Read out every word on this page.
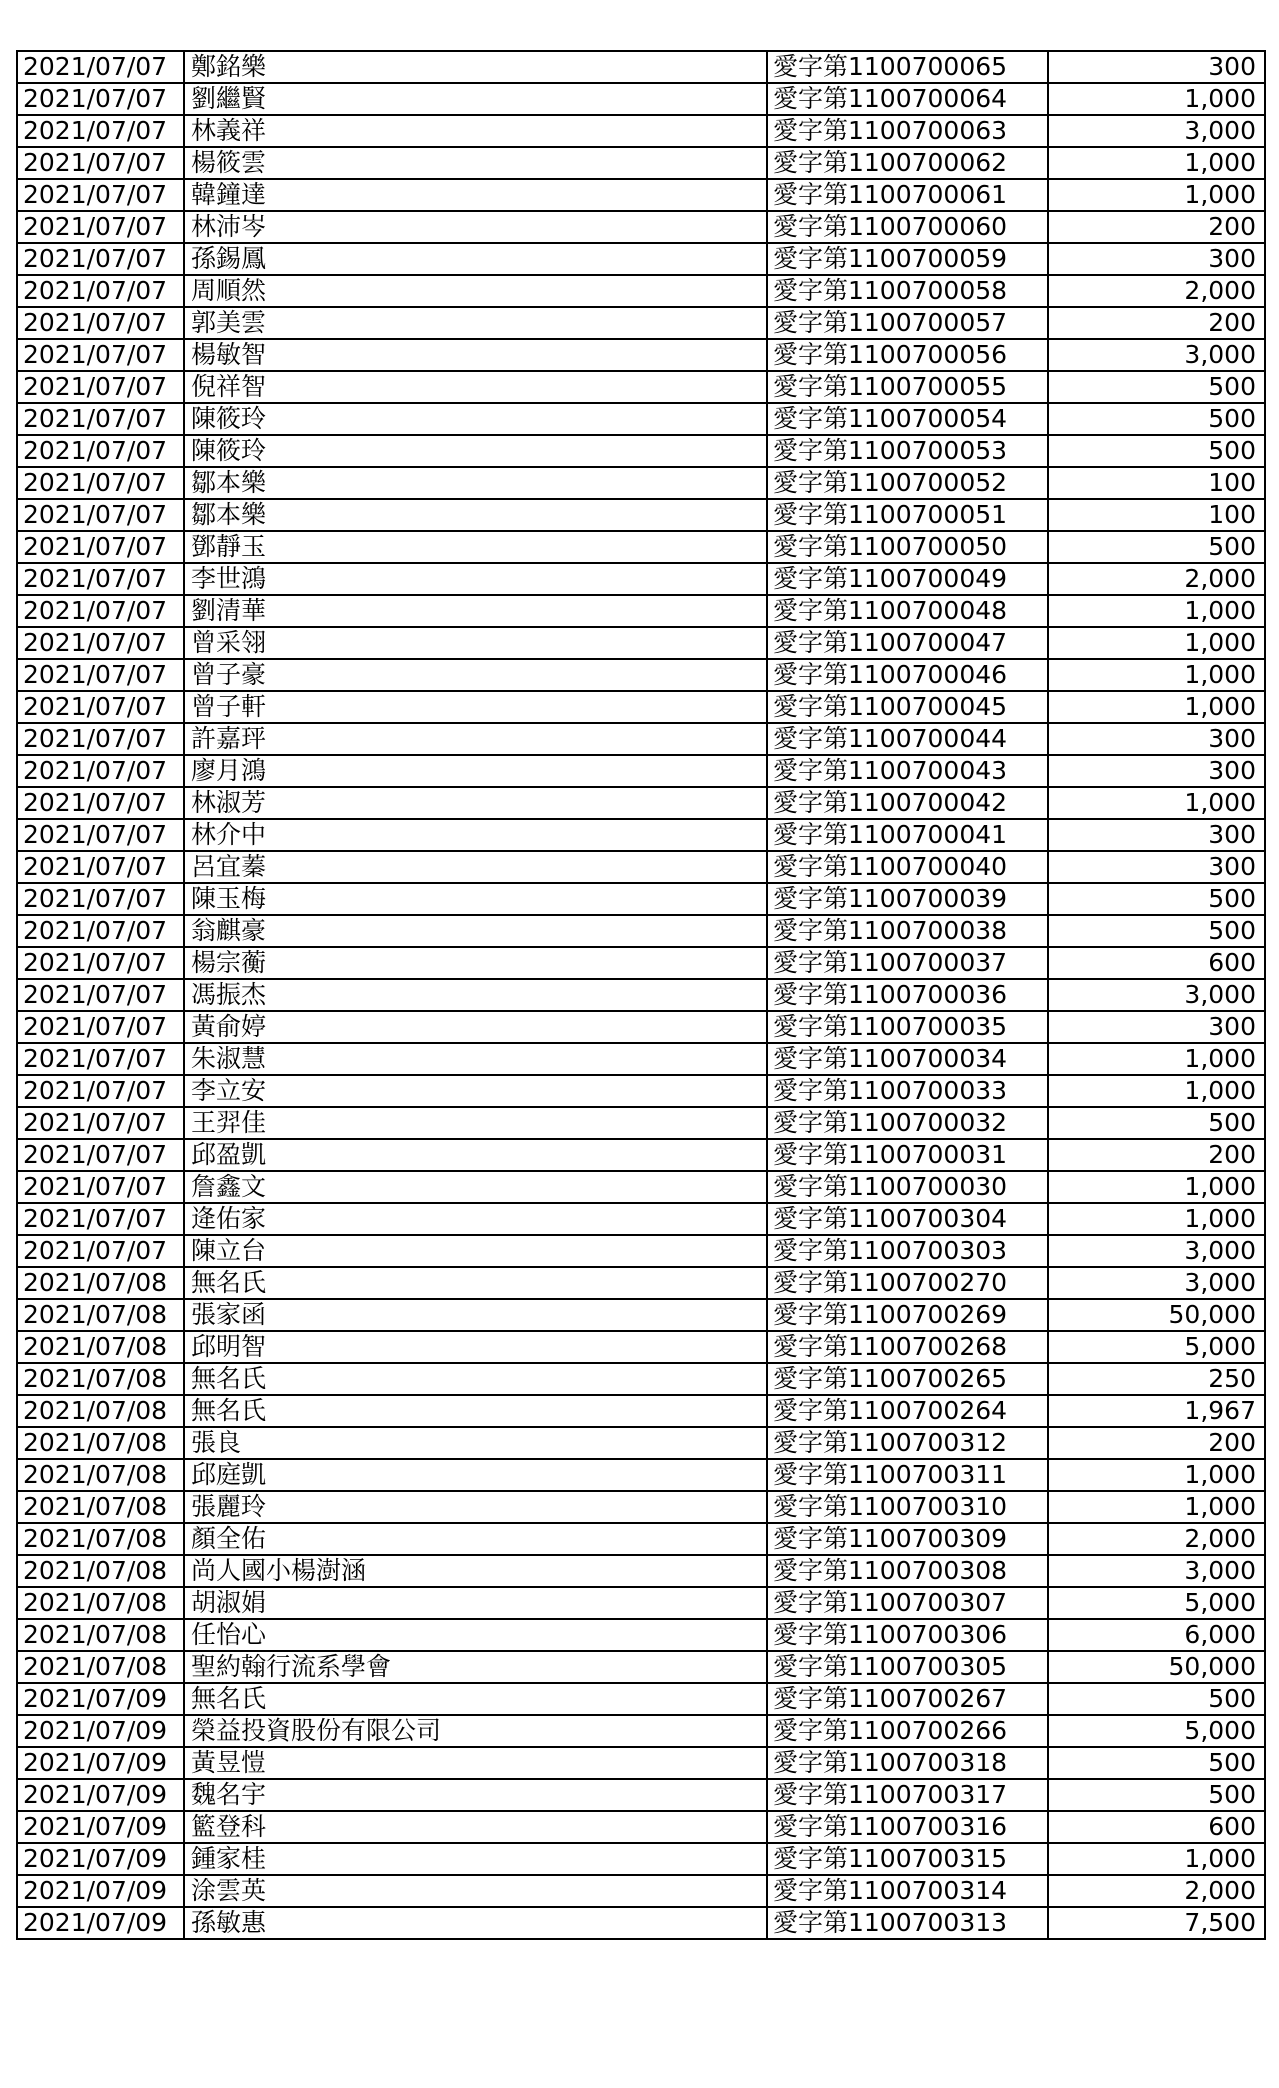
2021/07/07	鄭銘樂	愛字第1100700065	300
2021/07/07	劉繼賢	愛字第1100700064	1,000
2021/07/07	林義祥	愛字第1100700063	3,000
2021/07/07	楊筱雲	愛字第1100700062	1,000
2021/07/07	韓鐘達	愛字第1100700061	1,000
2021/07/07	林沛岑	愛字第1100700060	200
2021/07/07	孫錫鳳	愛字第1100700059	300
2021/07/07	周順然	愛字第1100700058	2,000
2021/07/07	郭美雲	愛字第1100700057	200
2021/07/07	楊敏智	愛字第1100700056	3,000
2021/07/07	倪祥智	愛字第1100700055	500
2021/07/07	陳筱玲	愛字第1100700054	500
2021/07/07	陳筱玲	愛字第1100700053	500
2021/07/07	鄒本樂	愛字第1100700052	100
2021/07/07	鄒本樂	愛字第1100700051	100
2021/07/07	鄧靜玉	愛字第1100700050	500
2021/07/07	李世鴻	愛字第1100700049	2,000
2021/07/07	劉清華	愛字第1100700048	1,000
2021/07/07	曾采翎	愛字第1100700047	1,000
2021/07/07	曾子豪	愛字第1100700046	1,000
2021/07/07	曾子軒	愛字第1100700045	1,000
2021/07/07	許嘉玶	愛字第1100700044	300
2021/07/07	廖月鴻	愛字第1100700043	300
2021/07/07	林淑芳	愛字第1100700042	1,000
2021/07/07	林介中	愛字第1100700041	300
2021/07/07	呂宜蓁	愛字第1100700040	300
2021/07/07	陳玉梅	愛字第1100700039	500
2021/07/07	翁麒豪	愛字第1100700038	500
2021/07/07	楊宗蘅	愛字第1100700037	600
2021/07/07	馮振杰	愛字第1100700036	3,000
2021/07/07	黃俞婷	愛字第1100700035	300
2021/07/07	朱淑慧	愛字第1100700034	1,000
2021/07/07	李立安	愛字第1100700033	1,000
2021/07/07	王羿佳	愛字第1100700032	500
2021/07/07	邱盈凱	愛字第1100700031	200
2021/07/07	詹鑫文	愛字第1100700030	1,000
2021/07/07	逄佑家	愛字第1100700304	1,000
2021/07/07	陳立台	愛字第1100700303	3,000
2021/07/08	無名氏	愛字第1100700270	3,000
2021/07/08	張家函	愛字第1100700269	50,000
2021/07/08	邱明智	愛字第1100700268	5,000
2021/07/08	無名氏	愛字第1100700265	250
2021/07/08	無名氏	愛字第1100700264	1,967
2021/07/08	張良	愛字第1100700312	200
2021/07/08	邱庭凱	愛字第1100700311	1,000
2021/07/08	張麗玲	愛字第1100700310	1,000
2021/07/08	顏全佑	愛字第1100700309	2,000
2021/07/08	尚人國小楊澍涵	愛字第1100700308	3,000
2021/07/08	胡淑娟	愛字第1100700307	5,000
2021/07/08	任怡心	愛字第1100700306	6,000
2021/07/08	聖約翰行流系學會	愛字第1100700305	50,000
2021/07/09	無名氏	愛字第1100700267	500
2021/07/09	榮益投資股份有限公司	愛字第1100700266	5,000
2021/07/09	黃昱愷	愛字第1100700318	500
2021/07/09	魏名宇	愛字第1100700317	500
2021/07/09	籃登科	愛字第1100700316	600
2021/07/09	鍾家桂	愛字第1100700315	1,000
2021/07/09	涂雲英	愛字第1100700314	2,000
2021/07/09	孫敏惠	愛字第1100700313	7,500
